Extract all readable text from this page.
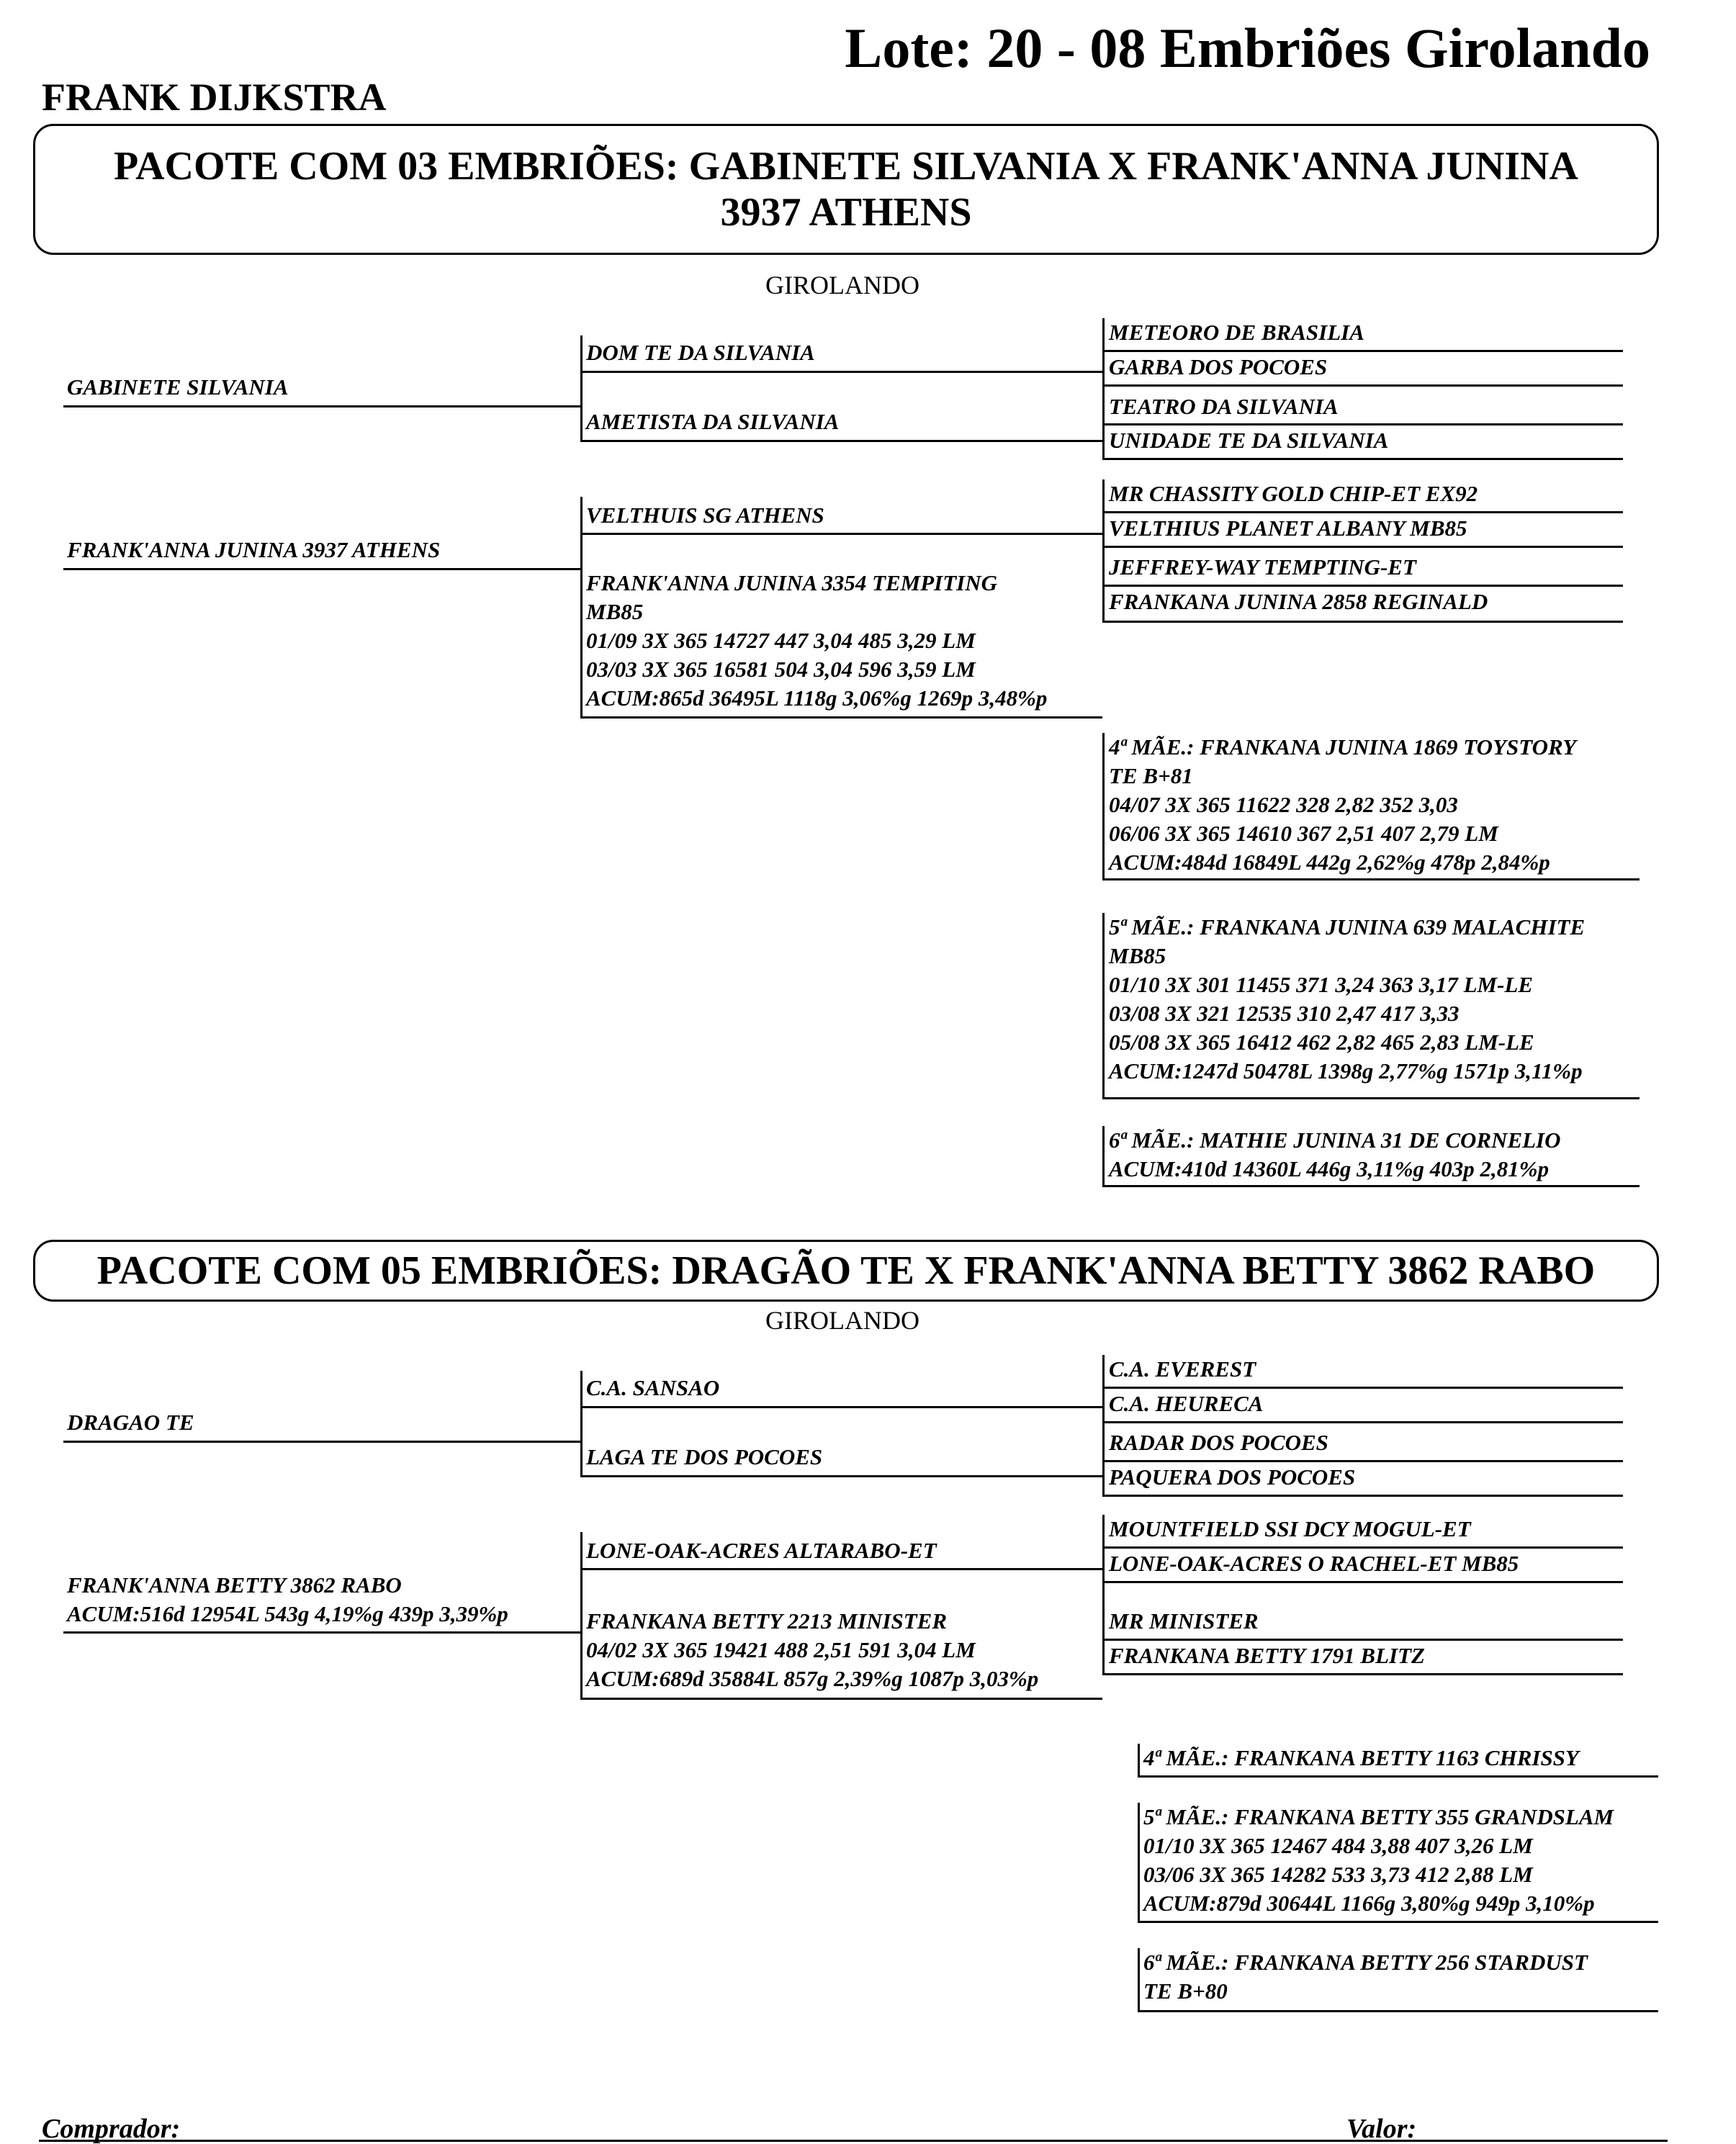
Lote: 20 - 08 Embriões Girolando
FRANK DIJKSTRA
PACOTE COM 03 EMBRIÕES: GABINETE SILVANIA X FRANK'ANNA JUNINA 3937 ATHENS
GIROLANDO
GABINETE SILVANIA
FRANK'ANNA JUNINA 3937 ATHENS
DOM TE DA SILVANIA
AMETISTA DA SILVANIA
VELTHUIS SG ATHENS
FRANK'ANNA JUNINA 3354 TEMPITING
MB85
01/09 3X 365 14727 447 3,04 485 3,29 LM
03/03 3X 365 16581 504 3,04 596 3,59 LM
ACUM:865d 36495L 1118g 3,06%g 1269p 3,48%p
METEORO DE BRASILIA
GARBA DOS POCOES
TEATRO DA SILVANIA
UNIDADE TE DA SILVANIA
MR CHASSITY GOLD CHIP-ET EX92
VELTHIUS PLANET ALBANY MB85
JEFFREY-WAY TEMPTING-ET
FRANKANA JUNINA 2858 REGINALD
4ª MÃE.: FRANKANA JUNINA 1869 TOYSTORY
TE B+81
04/07 3X 365 11622 328 2,82 352 3,03
06/06 3X 365 14610 367 2,51 407 2,79 LM
ACUM:484d 16849L 442g 2,62%g 478p 2,84%p
5ª MÃE.: FRANKANA JUNINA 639 MALACHITE
MB85
01/10 3X 301 11455 371 3,24 363 3,17 LM-LE
03/08 3X 321 12535 310 2,47 417 3,33
05/08 3X 365 16412 462 2,82 465 2,83 LM-LE
ACUM:1247d 50478L 1398g 2,77%g 1571p 3,11%p
6ª MÃE.: MATHIE JUNINA 31 DE CORNELIO
ACUM:410d 14360L 446g 3,11%g 403p 2,81%p
PACOTE COM 05 EMBRIÕES: DRAGÃO TE X FRANK'ANNA BETTY 3862 RABO
GIROLANDO
DRAGAO TE
FRANK'ANNA BETTY 3862 RABO
ACUM:516d 12954L 543g 4,19%g 439p 3,39%p
C.A. SANSAO
LAGA TE DOS POCOES
LONE-OAK-ACRES ALTARABO-ET
FRANKANA BETTY 2213 MINISTER
04/02 3X 365 19421 488 2,51 591 3,04 LM
ACUM:689d 35884L 857g 2,39%g 1087p 3,03%p
C.A. EVEREST
C.A. HEURECA
RADAR DOS POCOES
PAQUERA DOS POCOES
MOUNTFIELD SSI DCY MOGUL-ET
LONE-OAK-ACRES O RACHEL-ET MB85
MR MINISTER
FRANKANA BETTY 1791 BLITZ
4ª MÃE.: FRANKANA BETTY 1163 CHRISSY
5ª MÃE.: FRANKANA BETTY 355 GRANDSLAM
01/10 3X 365 12467 484 3,88 407 3,26 LM
03/06 3X 365 14282 533 3,73 412 2,88 LM
ACUM:879d 30644L 1166g 3,80%g 949p 3,10%p
6ª MÃE.: FRANKANA BETTY 256 STARDUST
TE B+80
Comprador:	Valor:
